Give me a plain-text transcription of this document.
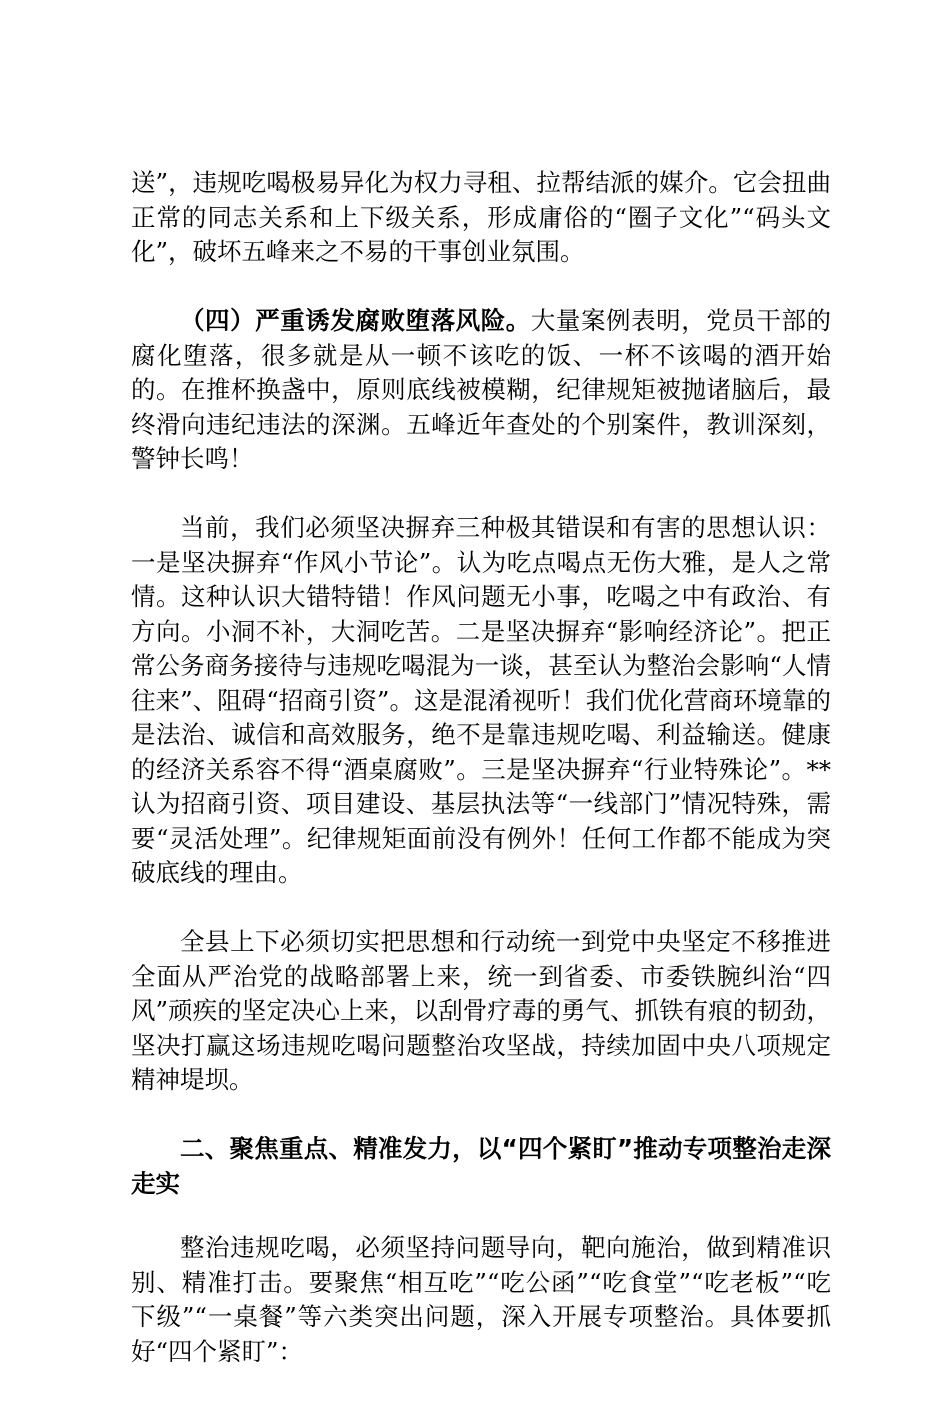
送”，违规吃喝极易异化为权力寻租、拉帮结派的媒介。它会扭曲正常的同志关系和上下级关系，形成庸俗的“圈子文化”“码头文化”，破坏五峰来之不易的干事创业氛围。

（四）严重诱发腐败堕落风险。大量案例表明，党员干部的腐化堕落，很多就是从一顿不该吃的饭、一杯不该喝的酒开始的。在推杯换盏中，原则底线被模糊，纪律规矩被抛诸脑后，最终滑向违纪违法的深渊。五峰近年查处的个别案件，教训深刻，警钟长鸣！

当前，我们必须坚决摒弃三种极其错误和有害的思想认识：一是坚决摒弃“作风小节论”。认为吃点喝点无伤大雅，是人之常情。这种认识大错特错！作风问题无小事，吃喝之中有政治、有方向。小洞不补，大洞吃苦。二是坚决摒弃“影响经济论”。把正常公务商务接待与违规吃喝混为一谈，甚至认为整治会影响“人情往来”、阻碍“招商引资”。这是混淆视听！我们优化营商环境靠的是法治、诚信和高效服务，绝不是靠违规吃喝、利益输送。健康的经济关系容不得“酒桌腐败”。三是坚决摒弃“行业特殊论”。**认为招商引资、项目建设、基层执法等“一线部门”情况特殊，需要“灵活处理”。纪律规矩面前没有例外！任何工作都不能成为突破底线的理由。

全县上下必须切实把思想和行动统一到党中央坚定不移推进全面从严治党的战略部署上来，统一到省委、市委铁腕纠治“四风”顽疾的坚定决心上来，以刮骨疗毒的勇气、抓铁有痕的韧劲，坚决打赢这场违规吃喝问题整治攻坚战，持续加固中央八项规定精神堤坝。

二、聚焦重点、精准发力，以“四个紧盯”推动专项整治走深走实

整治违规吃喝，必须坚持问题导向，靶向施治，做到精准识别、精准打击。要聚焦“相互吃”“吃公函”“吃食堂”“吃老板”“吃下级”“一桌餐”等六类突出问题，深入开展专项整治。具体要抓好“四个紧盯”：
